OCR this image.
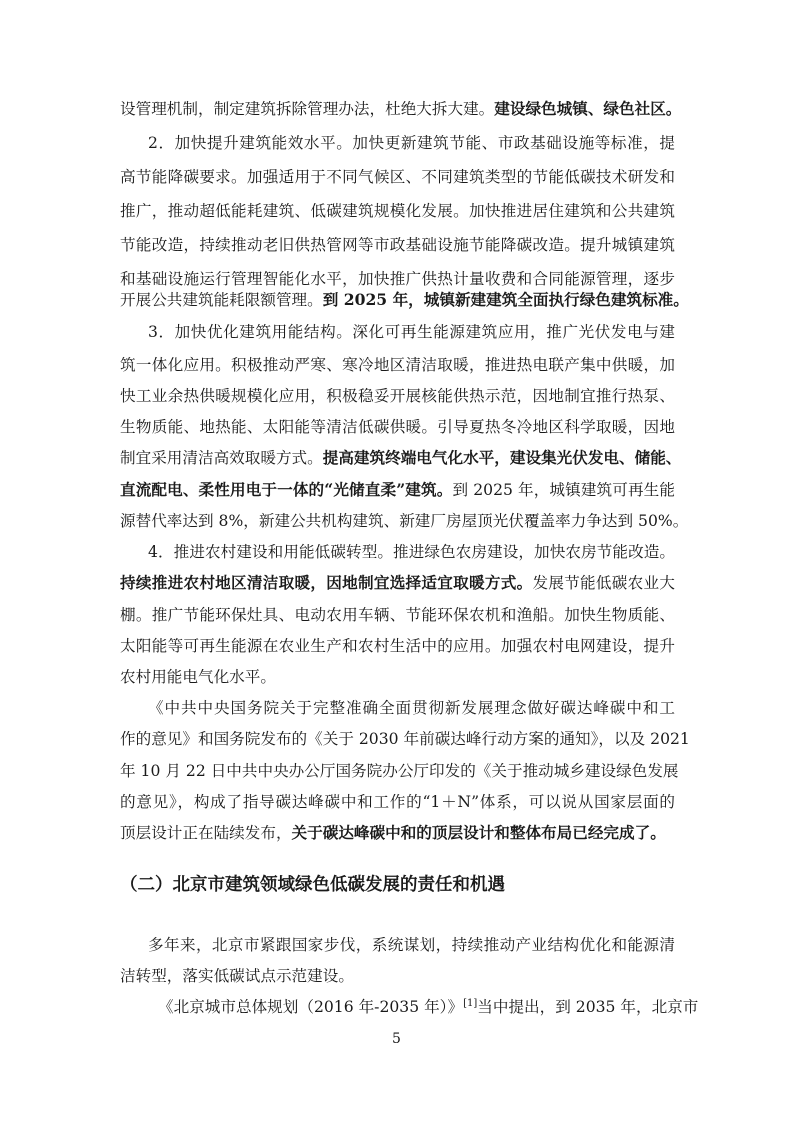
设管理机制，制定建筑拆除管理办法，杜绝大拆大建。建设绿色城镇、绿色社区。
2．加快提升建筑能效水平。加快更新建筑节能、市政基础设施等标准，提
高节能降碳要求。加强适用于不同气候区、不同建筑类型的节能低碳技术研发和
推广，推动超低能耗建筑、低碳建筑规模化发展。加快推进居住建筑和公共建筑
节能改造，持续推动老旧供热管网等市政基础设施节能降碳改造。提升城镇建筑
和基础设施运行管理智能化水平，加快推广供热计量收费和合同能源管理，逐步
开展公共建筑能耗限额管理。到 2025 年，城镇新建建筑全面执行绿色建筑标准。
3．加快优化建筑用能结构。深化可再生能源建筑应用，推广光伏发电与建
筑一体化应用。积极推动严寒、寒冷地区清洁取暖，推进热电联产集中供暖，加
快工业余热供暖规模化应用，积极稳妥开展核能供热示范，因地制宜推行热泵、
生物质能、地热能、太阳能等清洁低碳供暖。引导夏热冬冷地区科学取暖，因地
制宜采用清洁高效取暖方式。提高建筑终端电气化水平，建设集光伏发电、储能、
直流配电、柔性用电于一体的“光储直柔”建筑。到 2025 年，城镇建筑可再生能
源替代率达到 8%，新建公共机构建筑、新建厂房屋顶光伏覆盖率力争达到 50%。
4．推进农村建设和用能低碳转型。推进绿色农房建设，加快农房节能改造。
持续推进农村地区清洁取暖，因地制宜选择适宜取暖方式。发展节能低碳农业大
棚。推广节能环保灶具、电动农用车辆、节能环保农机和渔船。加快生物质能、
太阳能等可再生能源在农业生产和农村生活中的应用。加强农村电网建设，提升
农村用能电气化水平。
《中共中央国务院关于完整准确全面贯彻新发展理念做好碳达峰碳中和工
作的意见》和国务院发布的《关于 2030 年前碳达峰行动方案的通知》，以及 2021
年 10 月 22 日中共中央办公厅国务院办公厅印发的《关于推动城乡建设绿色发展
的意见》，构成了指导碳达峰碳中和工作的“1＋N”体系，可以说从国家层面的
顶层设计正在陆续发布，关于碳达峰碳中和的顶层设计和整体布局已经完成了。
（二）北京市建筑领域绿色低碳发展的责任和机遇
多年来，北京市紧跟国家步伐，系统谋划，持续推动产业结构优化和能源清
洁转型，落实低碳试点示范建设。
《北京城市总体规划（2016 年-2035 年）》[1]当中提出，到 2035 年，北京市
5
